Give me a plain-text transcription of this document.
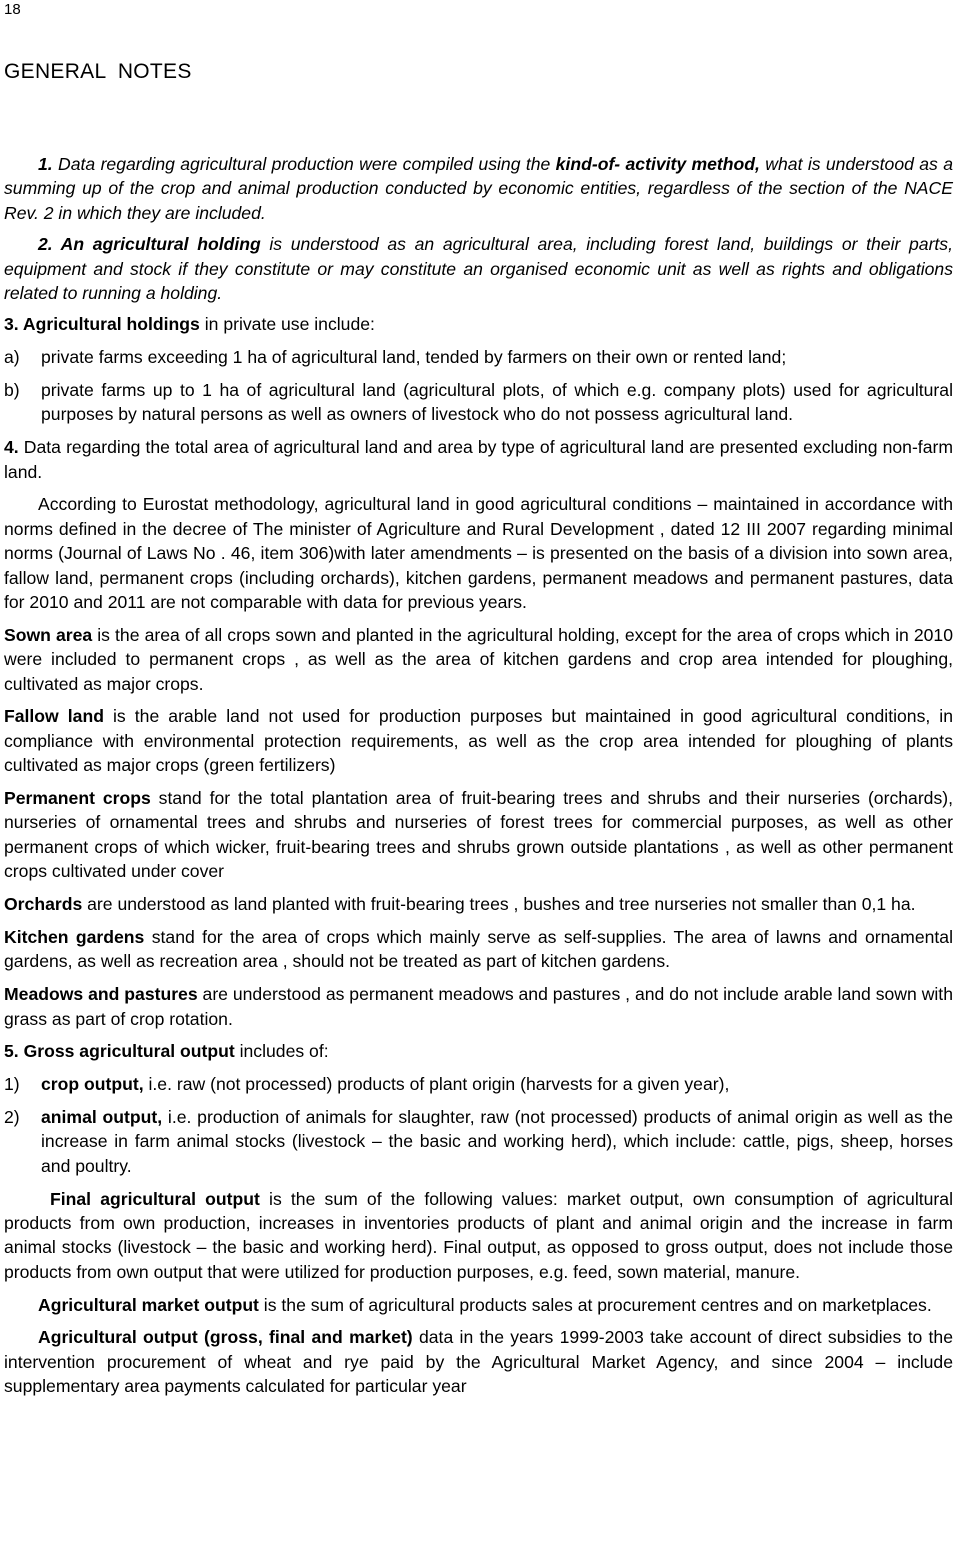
18
GENERAL NOTES

1. Data regarding agricultural production were compiled using the kind-of- activity method, what is understood as a summing up of the crop and animal production conducted by economic entities, regardless of the section of the NACE Rev. 2 in which they are included.

2. An agricultural holding is understood as an agricultural area, including forest land, buildings or their parts, equipment and stock if they constitute or may constitute an organised economic unit as well as rights and obligations related to running a holding.

3. Agricultural holdings in private use include:

a)	private farms exceeding 1 ha of agricultural land, tended by farmers on their own or rented land;
b)	private farms up to 1 ha of agricultural land (agricultural plots, of which e.g. company plots) used for agricultural purposes by natural persons as well as owners of livestock who do not possess agricultural land.

4. Data regarding the total area of agricultural land and area by type of agricultural land are presented excluding non-farm land.

According to Eurostat methodology, agricultural land in good agricultural conditions – maintained in accordance with norms defined in the decree of The minister of Agriculture and Rural Development , dated 12 III 2007 regarding minimal norms (Journal of Laws No . 46, item 306)with later amendments – is presented on the basis of a division into sown area, fallow land, permanent crops (including orchards), kitchen gardens, permanent meadows and permanent pastures, data for 2010 and 2011 are not comparable with data for previous years.

Sown area is the area of all crops sown and planted in the agricultural holding, except for the area of crops which in 2010 were included to permanent crops , as well as the area of kitchen gardens and crop area intended for ploughing, cultivated as major crops.

Fallow land is the arable land not used for production purposes but maintained in good agricultural conditions, in compliance with environmental protection requirements, as well as the crop area intended for ploughing of plants cultivated as major crops (green fertilizers)

Permanent crops stand for the total plantation area of fruit-bearing trees and shrubs and their nurseries (orchards), nurseries of ornamental trees and shrubs and nurseries of forest trees for commercial purposes, as well as other permanent crops of which wicker, fruit-bearing trees and shrubs grown outside plantations , as well as other permanent crops cultivated under cover

Orchards are understood as land planted with fruit-bearing trees , bushes and tree nurseries not smaller than 0,1 ha.

Kitchen gardens stand for the area of crops which mainly serve as self-supplies. The area of lawns and ornamental gardens, as well as recreation area , should not be treated as part of kitchen gardens.

Meadows and pastures are understood as permanent meadows and pastures , and do not include arable land sown with grass as part of crop rotation.

5. Gross agricultural output includes of:

1)	crop output, i.e. raw (not processed) products of plant origin (harvests for a given year),
2)	animal output, i.e. production of animals for slaughter, raw (not processed) products of animal origin as well as the increase in farm animal stocks (livestock – the basic and working herd), which include: cattle, pigs, sheep, horses and poultry.

Final agricultural output is the sum of the following values: market output, own consumption of agricultural products from own production, increases in inventories products of plant and animal origin and the increase in farm animal stocks (livestock – the basic and working herd). Final output, as opposed to gross output, does not include those products from own output that were utilized for production purposes, e.g. feed, sown material, manure.

Agricultural market output is the sum of agricultural products sales at procurement centres and on marketplaces.

Agricultural output (gross, final and market) data in the years 1999-2003 take account of direct subsidies to the intervention procurement of wheat and rye paid by the Agricultural Market Agency, and since 2004 – include supplementary area payments calculated for particular year
